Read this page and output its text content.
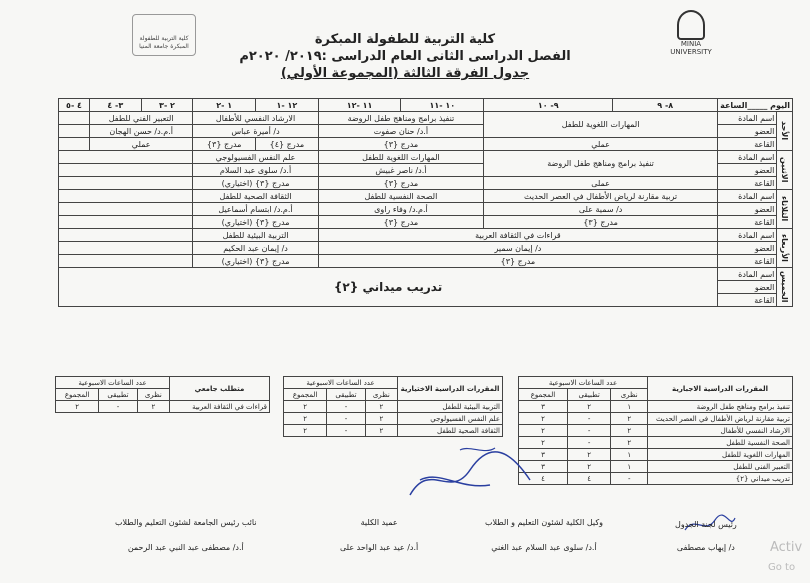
كلية التربية للطفولة المبكرة جامعة المنيا	MINIA UNIVERSITY
كلية التربية للطفولة المبكرة
الفصل الدراسى الثانى العام الدراسى :٢٠١٩/ ٢٠٢٠م
جدول الفرقة الثالثة (المجموعة الأولي)
اليوم _____الساعة		٨- ٩	٩- ١٠	١٠ -١١	١١ -١٢	١٢ -١	١ -٢	٢ -٣	٣- ٤	٤ -٥
الأحد	اسم المادة	المهارات اللغوية للطفل		تنفيذ برامج ومناهج طفل الروضة		الارشاد النفسي للأطفال		التعبير الفني للطفل		
	العضو			أ.د/ حنان صفوت		د/ أميرة عباس		أ.م.د/ حسن الهجان		
	القاعة	عملي		مدرج {٣}		مدرج {٤}	مدرج {٣}	عملي		
الاثنين	اسم المادة	تنفيذ برامج ومناهج طفل الروضة		المهارات اللغوية للطفل		علم النفس الفسيولوجي				
	العضو			أ.د/ ناصر غبيش		أ.د/ سلوى عبد السلام				
	القاعة	عملى		مدرج {٣}		مدرج {٣} (اختياري)				
الثلاثاء	اسم المادة	تربية مقارنة لرياض الأطفال في العصر الحديث		الصحة النفسية للطفل		الثقافة الصحية للطفل				
	العضو	د/ سمية على		أ.م.د/ وفاء راوى		أ.م.د/ ابتسام أسماعيل				
	القاعة	مدرج {٣}		مدرج {٣}		مدرج {٣} (اختياري)				
الأربعاء	اسم المادة	قراءات في الثقافة العربية				التربية البيئية للطفل				
	العضو	د/ إيمان سمير				د/ إيمان عبد الحكيم				
	القاعة	مدرج {٣}				مدرج {٣} (اختياري)				
الخميس	اسم المادة	تدريب ميداني {٢}								
	العضو									
	القاعة									
المقررات الدراسية الاجبارية	عدد الساعات الاسبوعية		
	نظرى	تطبيقى	المجموع
تنفيذ برامج ومناهج طفل الروضة	١	٢	٣
تربية مقارنة لرياض الأطفال في العصر الحديث	٢	-	٢
الارشاد النفسي للأطفال	٢	-	٢
الصحة النفسية للطفل	٢	-	٢
المهارات اللغوية للطفل	١	٢	٣
التعبير الفنى للطفل	١	٢	٣
تدريب ميداني {٢}	-	٤	٤
المقررات الدراسية الاختيارية	عدد الساعات الاسبوعية		
	نظرى	تطبيقى	المجموع
التربية البيئية للطفل	٢	-	٢
علم النفس الفسيولوجي	٢	-	٢
الثقافة الصحية للطفل	٢	-	٢
متطلب جامعي	عدد الساعات الاسبوعية		
	نظرى	تطبيقى	المجموع
قراءات في الثقافة العربية	٢	-	٢
رئيس لجنة الجدول
د/ إيهاب مصطفى
وكيل الكلية لشئون التعليم و الطلاب
أ.د/ سلوى عبد السلام عبد الغني
عميد الكلية
أ.د/ عيد عبد الواحد على
نائب رئيس الجامعة لشئون التعليم والطلاب
أ.د/ مصطفى عبد النبي عبد الرحمن	Activ
Go to
